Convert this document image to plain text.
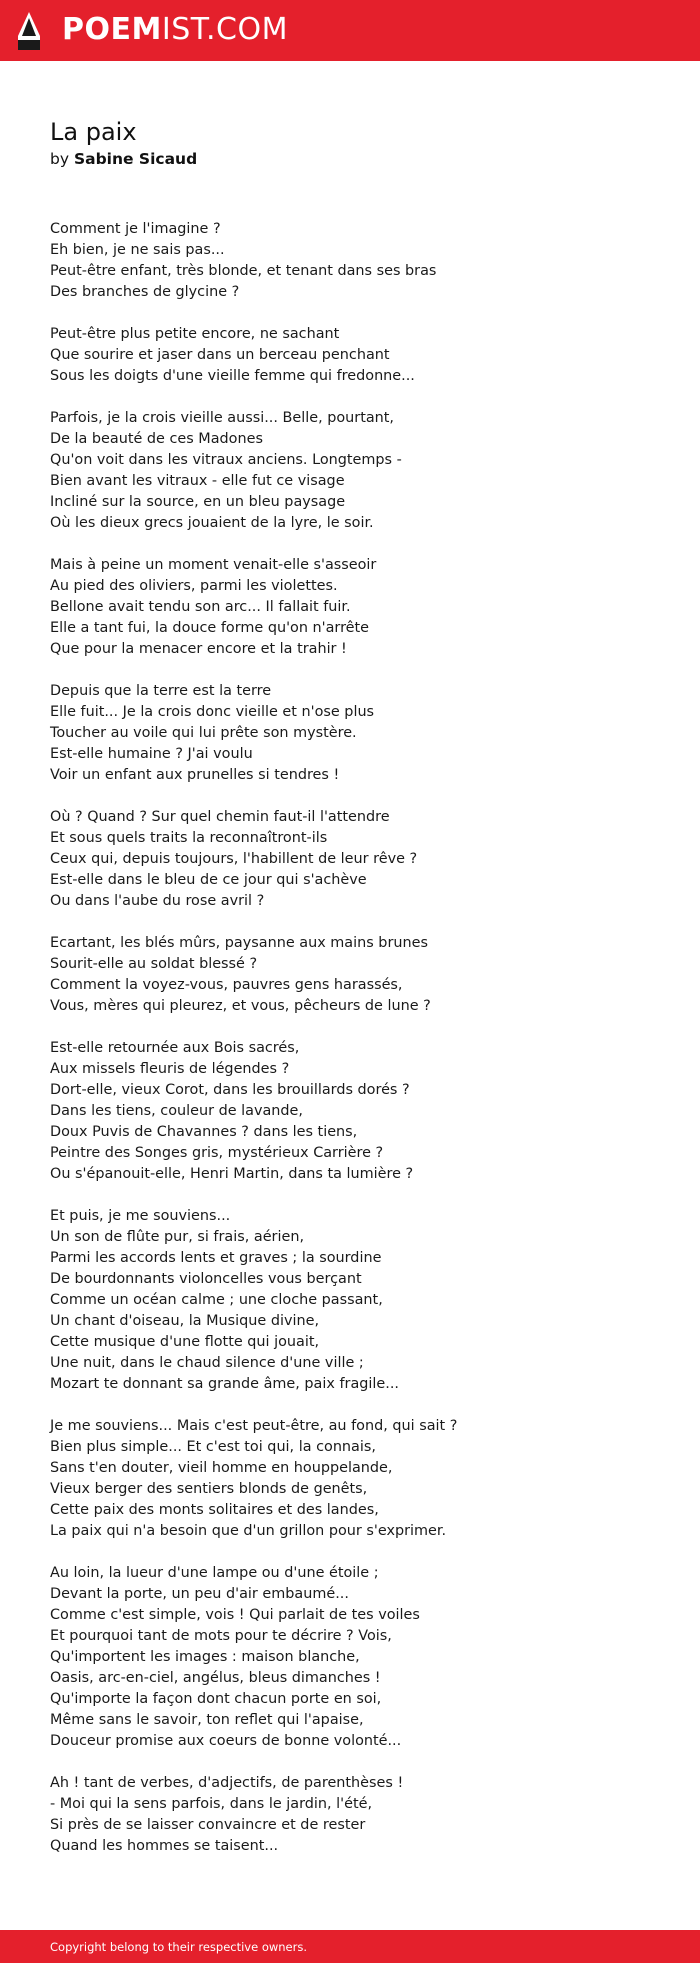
POEMIST.COM
La paix
by Sabine Sicaud
Comment je l'imagine ?
Eh bien, je ne sais pas...
Peut-être enfant, très blonde, et tenant dans ses bras
Des branches de glycine ?
Peut-être plus petite encore, ne sachant
Que sourire et jaser dans un berceau penchant
Sous les doigts d'une vieille femme qui fredonne...
Parfois, je la crois vieille aussi... Belle, pourtant,
De la beauté de ces Madones
Qu'on voit dans les vitraux anciens. Longtemps -
Bien avant les vitraux - elle fut ce visage
Incliné sur la source, en un bleu paysage
Où les dieux grecs jouaient de la lyre, le soir.
Mais à peine un moment venait-elle s'asseoir
Au pied des oliviers, parmi les violettes.
Bellone avait tendu son arc... Il fallait fuir.
Elle a tant fui, la douce forme qu'on n'arrête
Que pour la menacer encore et la trahir !
Depuis que la terre est la terre
Elle fuit... Je la crois donc vieille et n'ose plus
Toucher au voile qui lui prête son mystère.
Est-elle humaine ? J'ai voulu
Voir un enfant aux prunelles si tendres !
Où ? Quand ? Sur quel chemin faut-il l'attendre
Et sous quels traits la reconnaîtront-ils
Ceux qui, depuis toujours, l'habillent de leur rêve ?
Est-elle dans le bleu de ce jour qui s'achève
Ou dans l'aube du rose avril ?
Ecartant, les blés mûrs, paysanne aux mains brunes
Sourit-elle au soldat blessé ?
Comment la voyez-vous, pauvres gens harassés,
Vous, mères qui pleurez, et vous, pêcheurs de lune ?
Est-elle retournée aux Bois sacrés,
Aux missels fleuris de légendes ?
Dort-elle, vieux Corot, dans les brouillards dorés ?
Dans les tiens, couleur de lavande,
Doux Puvis de Chavannes ? dans les tiens,
Peintre des Songes gris, mystérieux Carrière ?
Ou s'épanouit-elle, Henri Martin, dans ta lumière ?
Et puis, je me souviens...
Un son de flûte pur, si frais, aérien,
Parmi les accords lents et graves ; la sourdine
De bourdonnants violoncelles vous berçant
Comme un océan calme ; une cloche passant,
Un chant d'oiseau, la Musique divine,
Cette musique d'une flotte qui jouait,
Une nuit, dans le chaud silence d'une ville ;
Mozart te donnant sa grande âme, paix fragile...
Je me souviens... Mais c'est peut-être, au fond, qui sait ?
Bien plus simple... Et c'est toi qui, la connais,
Sans t'en douter, vieil homme en houppelande,
Vieux berger des sentiers blonds de genêts,
Cette paix des monts solitaires et des landes,
La paix qui n'a besoin que d'un grillon pour s'exprimer.
Au loin, la lueur d'une lampe ou d'une étoile ;
Devant la porte, un peu d'air embaumé...
Comme c'est simple, vois ! Qui parlait de tes voiles
Et pourquoi tant de mots pour te décrire ? Vois,
Qu'importent les images : maison blanche,
Oasis, arc-en-ciel, angélus, bleus dimanches !
Qu'importe la façon dont chacun porte en soi,
Même sans le savoir, ton reflet qui l'apaise,
Douceur promise aux coeurs de bonne volonté...
Ah ! tant de verbes, d'adjectifs, de parenthèses !
- Moi qui la sens parfois, dans le jardin, l'été,
Si près de se laisser convaincre et de rester
Quand les hommes se taisent...
Copyright belong to their respective owners.
